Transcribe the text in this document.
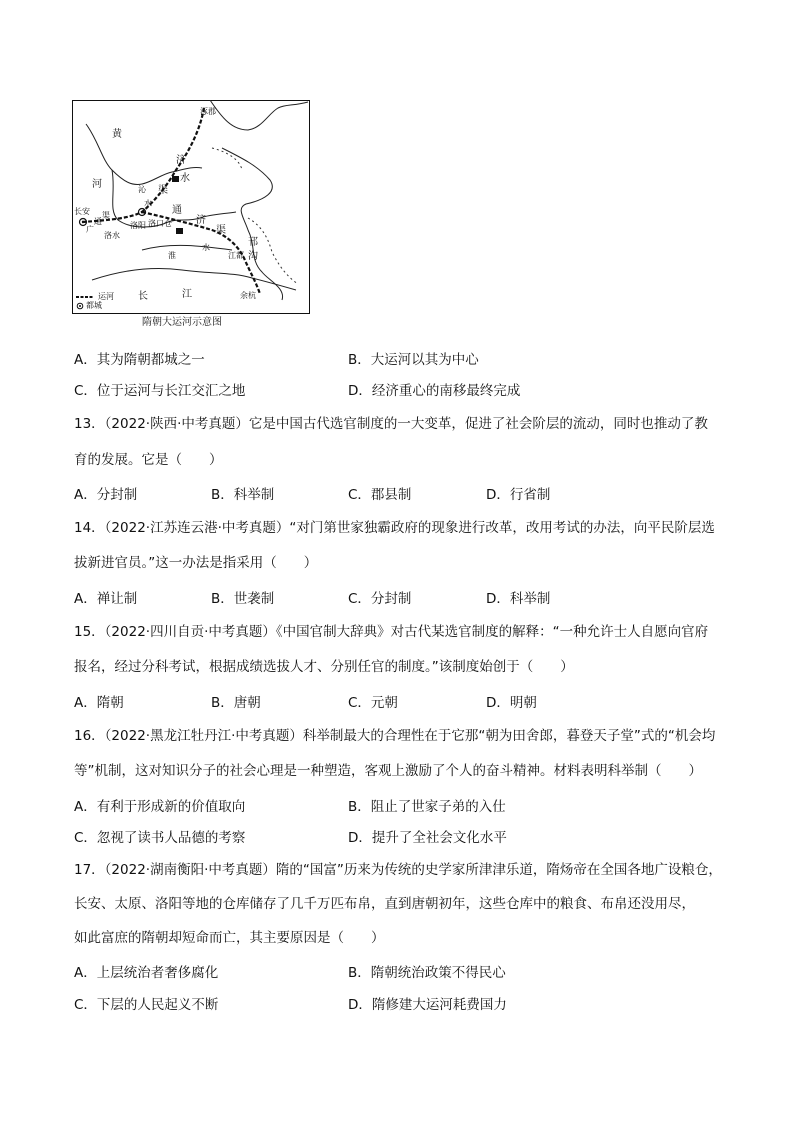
涿郡
黄
河
济
水
沁
水
渠
通
济
渠
长安
广
通
渠
洛水
洛阳 洛口仓
水
淮	江都
邗
沟
长	江	余杭
运河
都城
隋朝大运河示意图
A．其为隋朝都城之一	B．大运河以其为中心
C．位于运河与长江交汇之地	D．经济重心的南移最终完成
13．（2022·陕西·中考真题）它是中国古代选官制度的一大变革，促进了社会阶层的流动，同时也推动了教
育的发展。它是（　　）
A．分封制	B．科举制	C．郡县制	D．行省制
14．（2022·江苏连云港·中考真题）“对门第世家独霸政府的现象进行改革，改用考试的办法，向平民阶层选
拔新进官员。”这一办法是指采用（　　）
A．禅让制	B．世袭制	C．分封制	D．科举制
15．（2022·四川自贡·中考真题）《中国官制大辞典》对古代某选官制度的解释：“一种允许士人自愿向官府
报名，经过分科考试，根据成绩选拔人才、分别任官的制度。”该制度始创于（　　）
A．隋朝	B．唐朝	C．元朝	D．明朝
16．（2022·黑龙江牡丹江·中考真题）科举制最大的合理性在于它那“朝为田舍郎，暮登天子堂”式的“机会均
等”机制，这对知识分子的社会心理是一种塑造，客观上激励了个人的奋斗精神。材料表明科举制（　　）
A．有利于形成新的价值取向	B．阻止了世家子弟的入仕
C．忽视了读书人品德的考察	D．提升了全社会文化水平
17．（2022·湖南衡阳·中考真题）隋的“国富”历来为传统的史学家所津津乐道，隋炀帝在全国各地广设粮仓，
长安、太原、洛阳等地的仓库储存了几千万匹布帛，直到唐朝初年，这些仓库中的粮食、布帛还没用尽，
如此富庶的隋朝却短命而亡，其主要原因是（　　）
A．上层统治者奢侈腐化	B．隋朝统治政策不得民心
C．下层的人民起义不断	D．隋修建大运河耗费国力
